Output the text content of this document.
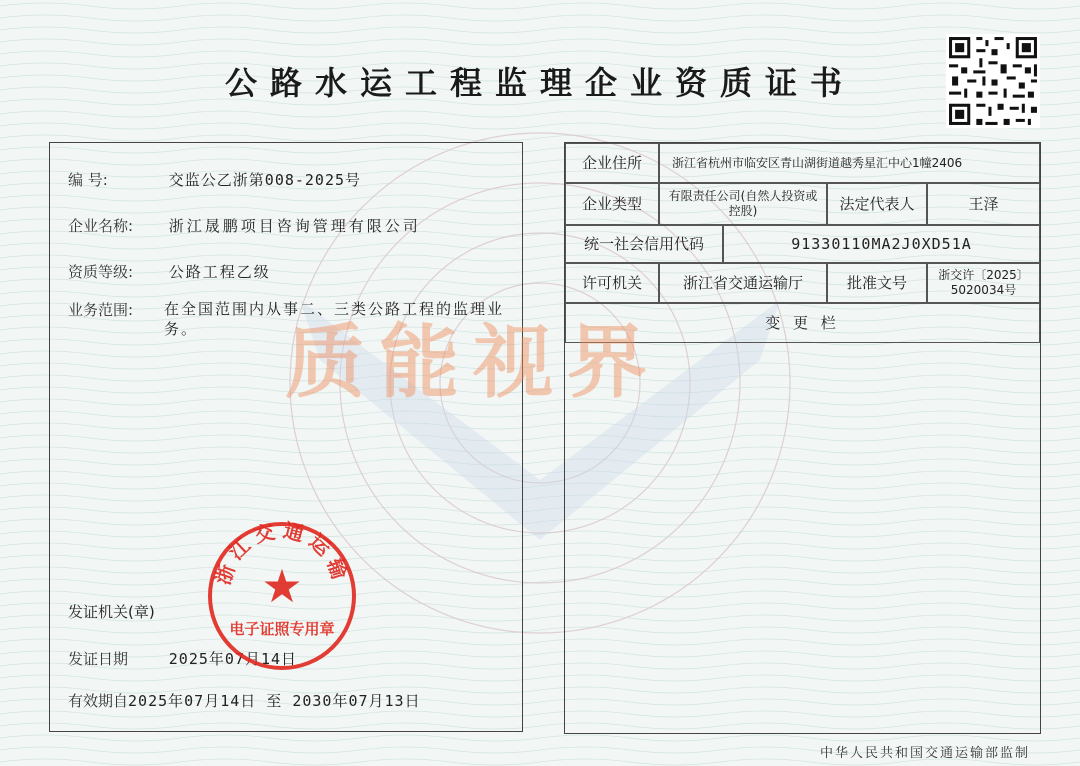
公路水运工程监理企业资质证书
编 号:	交监公乙浙第008-2025号
企业名称: 浙江晟鹏项目咨询管理有限公司
资质等级: 公路工程乙级
业务范围: 在全国范围内从事二、三类公路工程的监理业务。
发证机关(章)
发证日期	2025年07月14日
有效期自2025年07月14日 至 2030年07月13日
企业住所	浙江省杭州市临安区青山湖街道越秀星汇中心1幢2406
企业类型	有限责任公司(自然人投资或控股)	法定代表人	王泽
统一社会信用代码	91330110MA2J0XD51A
许可机关	浙江省交通运输厅	批准文号	浙交许〔2025〕5020034号
变 更 栏
质能视界
浙江交通运输
★
电子证照专用章
中华人民共和国交通运输部监制
